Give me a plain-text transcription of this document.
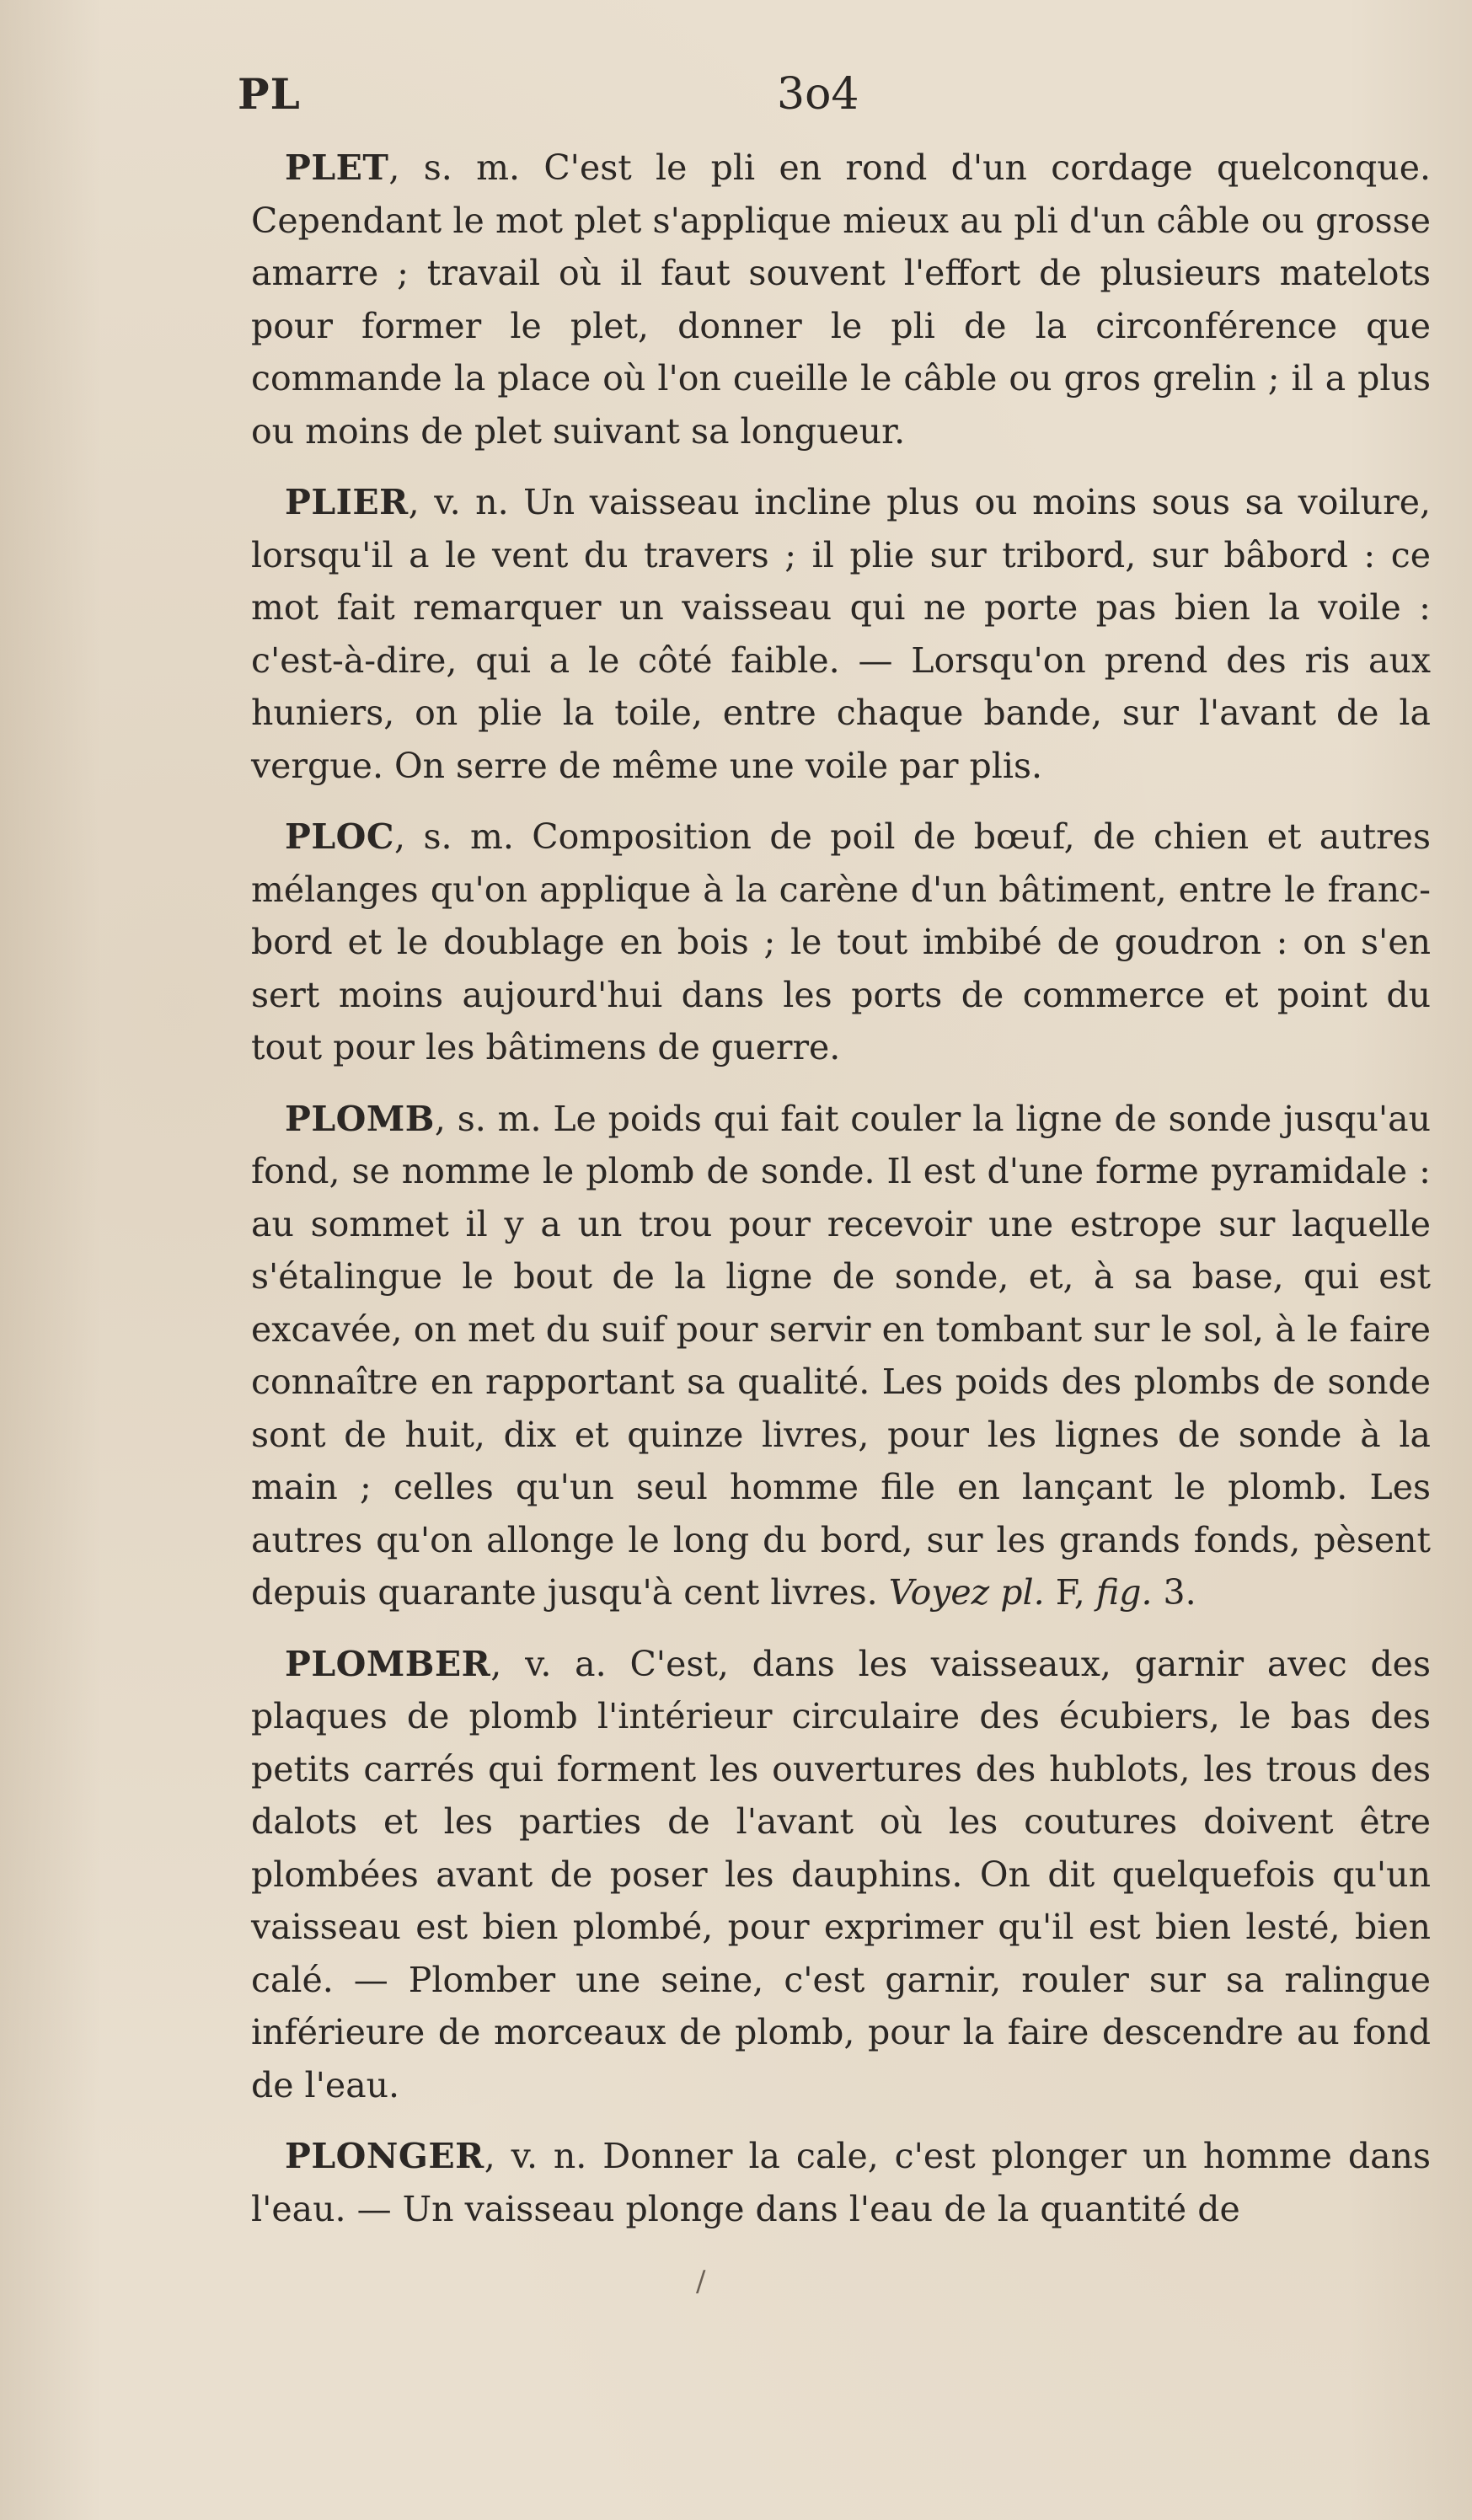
PL	3o4

PLET, s. m. C'est le pli en rond d'un cordage quelconque. Cependant le mot plet s'applique mieux au pli d'un câble ou grosse amarre ; travail où il faut souvent l'effort de plusieurs matelots pour former le plet, donner le pli de la circonférence que commande la place où l'on cueille le câble ou gros grelin ; il a plus ou moins de plet suivant sa longueur.

PLIER, v. n. Un vaisseau incline plus ou moins sous sa voilure, lorsqu'il a le vent du travers ; il plie sur tribord, sur bâbord : ce mot fait remarquer un vaisseau qui ne porte pas bien la voile : c'est-à-dire, qui a le côté faible. — Lorsqu'on prend des ris aux huniers, on plie la toile, entre chaque bande, sur l'avant de la vergue. On serre de même une voile par plis.

PLOC, s. m. Composition de poil de bœuf, de chien et autres mélanges qu'on applique à la carène d'un bâtiment, entre le franc-bord et le doublage en bois ; le tout imbibé de goudron : on s'en sert moins aujourd'hui dans les ports de commerce et point du tout pour les bâtimens de guerre.

PLOMB, s. m. Le poids qui fait couler la ligne de sonde jusqu'au fond, se nomme le plomb de sonde. Il est d'une forme pyramidale : au sommet il y a un trou pour recevoir une estrope sur laquelle s'étalingue le bout de la ligne de sonde, et, à sa base, qui est excavée, on met du suif pour servir en tombant sur le sol, à le faire connaître en rapportant sa qualité. Les poids des plombs de sonde sont de huit, dix et quinze livres, pour les lignes de sonde à la main ; celles qu'un seul homme file en lançant le plomb. Les autres qu'on allonge le long du bord, sur les grands fonds, pèsent depuis quarante jusqu'à cent livres. Voyez pl. F, fig. 3.

PLOMBER, v. a. C'est, dans les vaisseaux, garnir avec des plaques de plomb l'intérieur circulaire des écubiers, le bas des petits carrés qui forment les ouvertures des hublots, les trous des dalots et les parties de l'avant où les coutures doivent être plombées avant de poser les dauphins. On dit quelquefois qu'un vaisseau est bien plombé, pour exprimer qu'il est bien lesté, bien calé. — Plomber une seine, c'est garnir, rouler sur sa ralingue inférieure de morceaux de plomb, pour la faire descendre au fond de l'eau.

PLONGER, v. n. Donner la cale, c'est plonger un homme dans l'eau. — Un vaisseau plonge dans l'eau de la quantité de

/
